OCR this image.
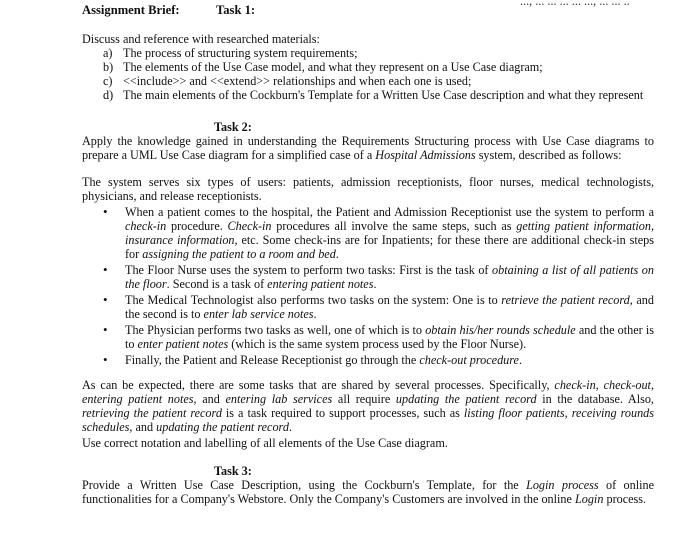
Assignment Brief:	Task 1:
..., ... ... ... ... ..., ... ... ..
Discuss and reference with researched materials:
a) The process of structuring system requirements;
b) The elements of the Use Case model, and what they represent on a Use Case diagram;
c) <<include>> and <<extend>> relationships and when each one is used;
d) The main elements of the Cockburn's Template for a Written Use Case description and what they represent
Task 2:
Apply the knowledge gained in understanding the Requirements Structuring process with Use Case diagrams to prepare a UML Use Case diagram for a simplified case of a Hospital Admissions system, described as follows:
The system serves six types of users: patients, admission receptionists, floor nurses, medical technologists, physicians, and release receptionists.
• When a patient comes to the hospital, the Patient and Admission Receptionist use the system to perform a check-in procedure. Check-in procedures all involve the same steps, such as getting patient information, insurance information, etc. Some check-ins are for Inpatients; for these there are additional check-in steps for assigning the patient to a room and bed.
• The Floor Nurse uses the system to perform two tasks: First is the task of obtaining a list of all patients on the floor. Second is a task of entering patient notes.
• The Medical Technologist also performs two tasks on the system: One is to retrieve the patient record, and the second is to enter lab service notes.
• The Physician performs two tasks as well, one of which is to obtain his/her rounds schedule and the other is to enter patient notes (which is the same system process used by the Floor Nurse).
• Finally, the Patient and Release Receptionist go through the check-out procedure.
As can be expected, there are some tasks that are shared by several processes. Specifically, check-in, check-out, entering patient notes, and entering lab services all require updating the patient record in the database. Also, retrieving the patient record is a task required to support processes, such as listing floor patients, receiving rounds schedules, and updating the patient record.
Use correct notation and labelling of all elements of the Use Case diagram.
Task 3:
Provide a Written Use Case Description, using the Cockburn's Template, for the Login process of online functionalities for a Company's Webstore. Only the Company's Customers are involved in the online Login process.
